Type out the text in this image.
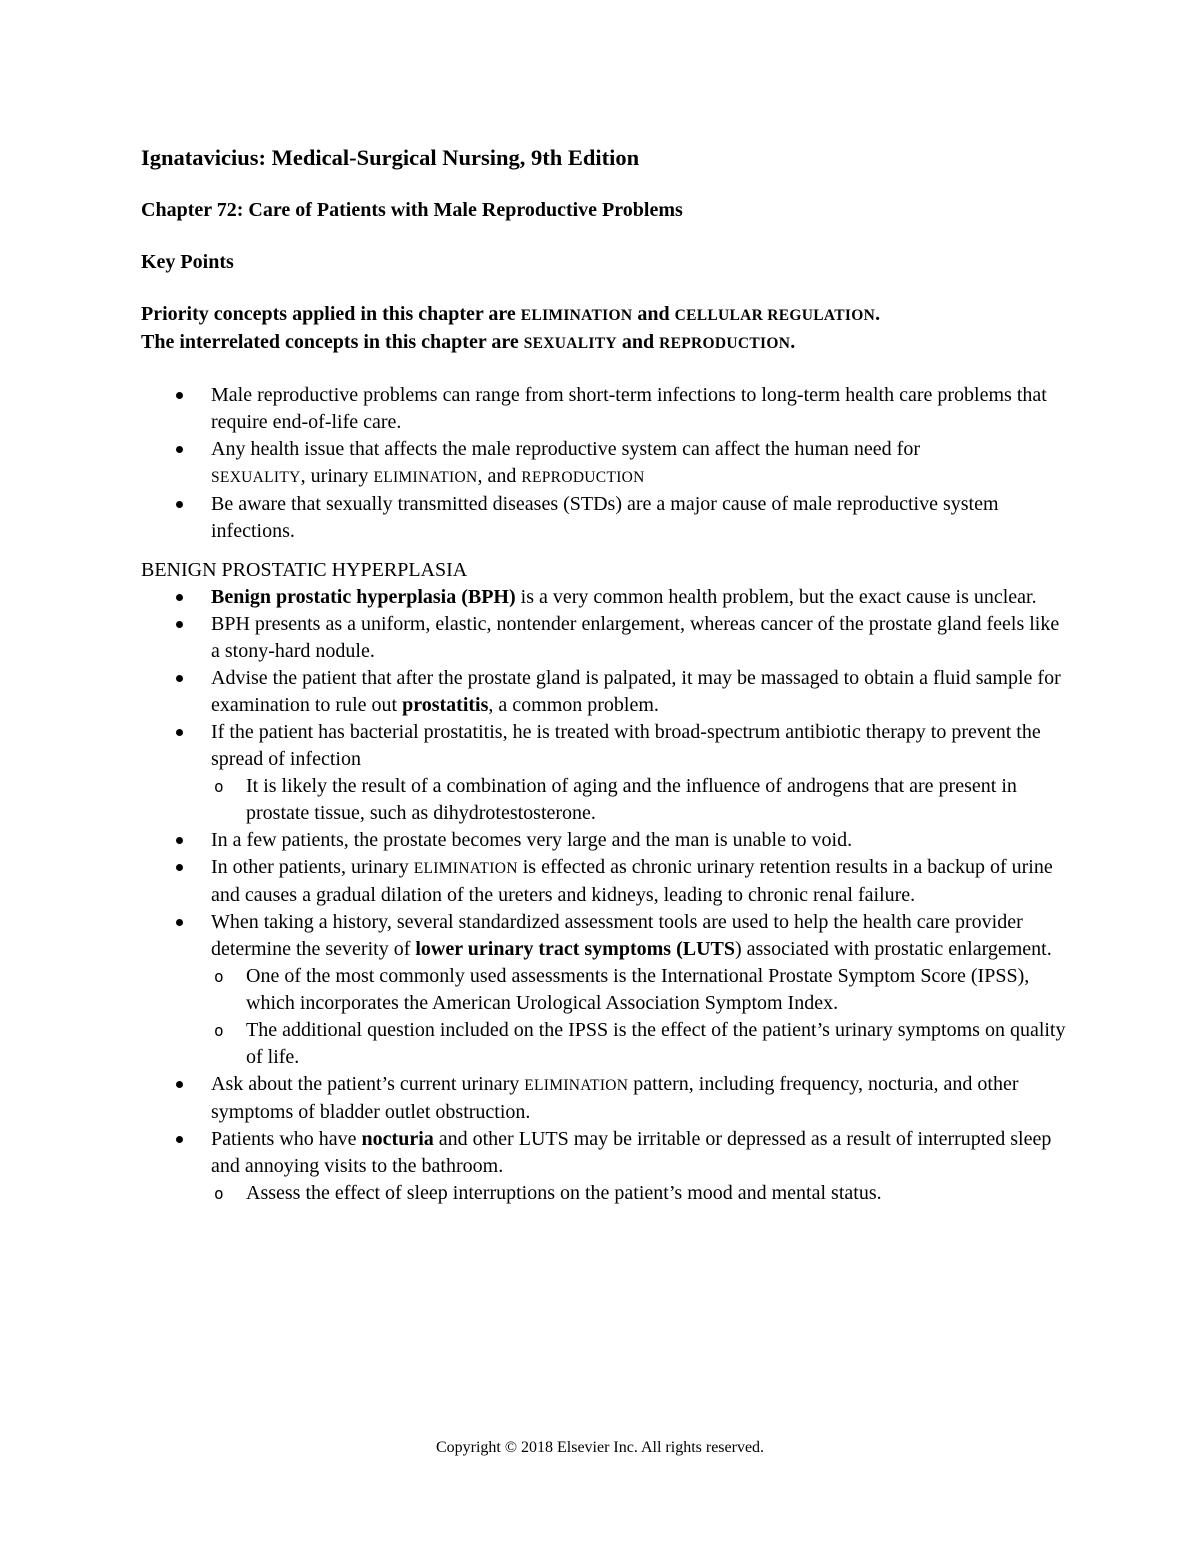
Ignatavicius: Medical-Surgical Nursing, 9th Edition
Chapter 72: Care of Patients with Male Reproductive Problems
Key Points
Priority concepts applied in this chapter are ELIMINATION and CELLULAR REGULATION.
The interrelated concepts in this chapter are SEXUALITY and REPRODUCTION.
Male reproductive problems can range from short-term infections to long-term health care problems that require end-of-life care.
Any health issue that affects the male reproductive system can affect the human need for
SEXUALITY, urinary ELIMINATION, and REPRODUCTION
Be aware that sexually transmitted diseases (STDs) are a major cause of male reproductive system infections.
BENIGN PROSTATIC HYPERPLASIA
Benign prostatic hyperplasia (BPH) is a very common health problem, but the exact cause is unclear.
BPH presents as a uniform, elastic, nontender enlargement, whereas cancer of the prostate gland feels like a stony-hard nodule.
Advise the patient that after the prostate gland is palpated, it may be massaged to obtain a fluid sample for examination to rule out prostatitis, a common problem.
If the patient has bacterial prostatitis, he is treated with broad-spectrum antibiotic therapy to prevent the spread of infection
o It is likely the result of a combination of aging and the influence of androgens that are present in prostate tissue, such as dihydrotestosterone.
In a few patients, the prostate becomes very large and the man is unable to void.
In other patients, urinary ELIMINATION is effected as chronic urinary retention results in a backup of urine and causes a gradual dilation of the ureters and kidneys, leading to chronic renal failure.
When taking a history, several standardized assessment tools are used to help the health care provider determine the severity of lower urinary tract symptoms (LUTS) associated with prostatic enlargement.
o One of the most commonly used assessments is the International Prostate Symptom Score (IPSS), which incorporates the American Urological Association Symptom Index.
o The additional question included on the IPSS is the effect of the patient’s urinary symptoms on quality of life.
Ask about the patient’s current urinary ELIMINATION pattern, including frequency, nocturia, and other symptoms of bladder outlet obstruction.
Patients who have nocturia and other LUTS may be irritable or depressed as a result of interrupted sleep and annoying visits to the bathroom.
o Assess the effect of sleep interruptions on the patient’s mood and mental status.
Copyright © 2018 Elsevier Inc. All rights reserved.
